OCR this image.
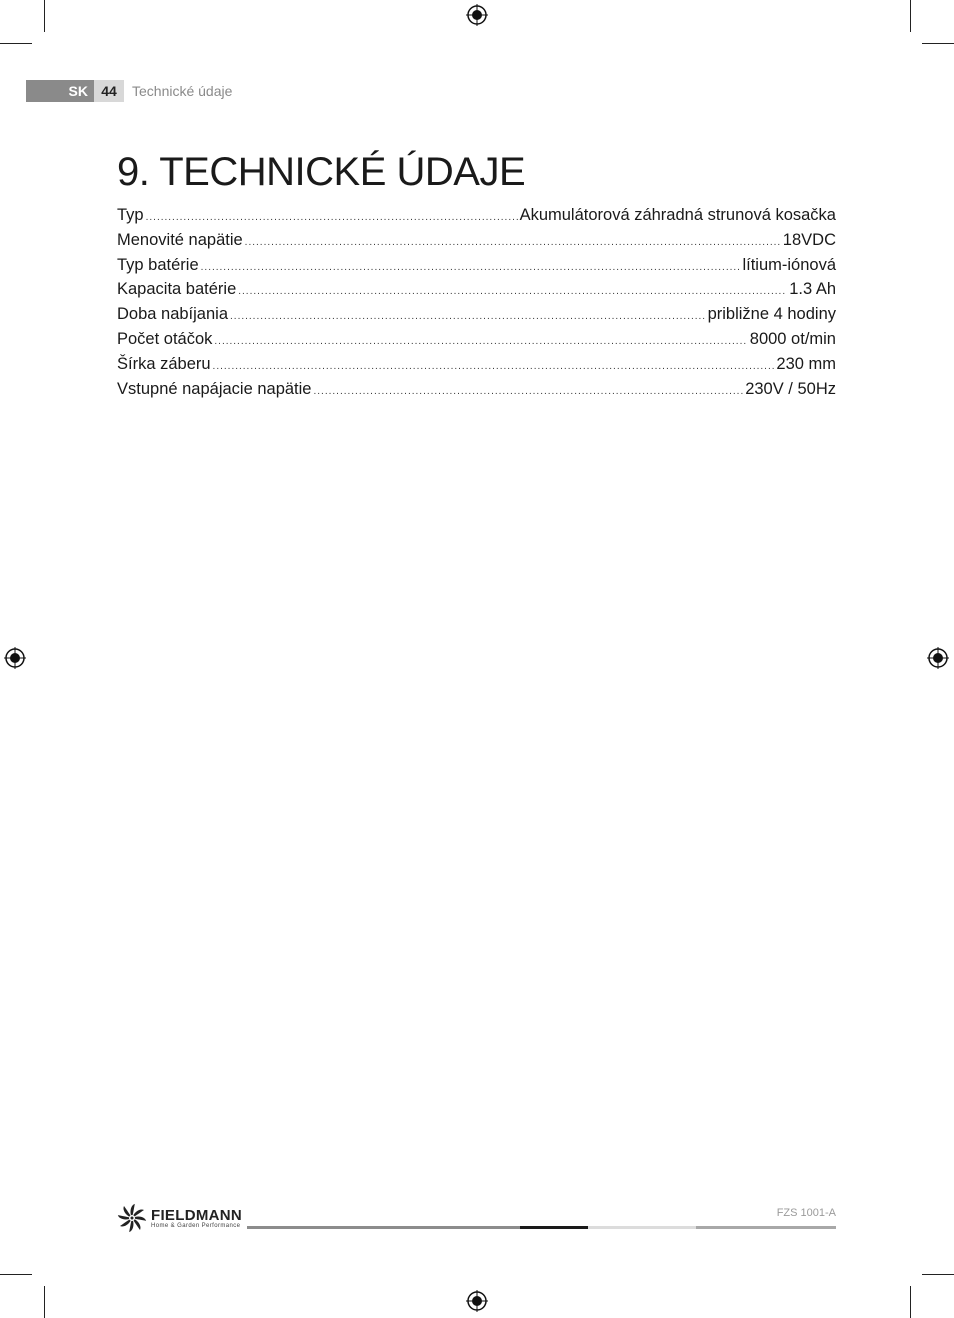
SK 44	Technické údaje
9. TECHNICKÉ ÚDAJE
Typ .....	Akumulátorová záhradná strunová kosačka
Menovité napätie .....	18VDC
Typ batérie .....	lítium-iónová
Kapacita batérie .....	1.3 Ah
Doba nabíjania .....	približne 4 hodiny
Počet otáčok .....	8000 ot/min
Šírka záberu .....	230 mm
Vstupné napájacie napätie .....	230V / 50Hz
FIELDMANN
Home & Garden Performance
FZS 1001-A
